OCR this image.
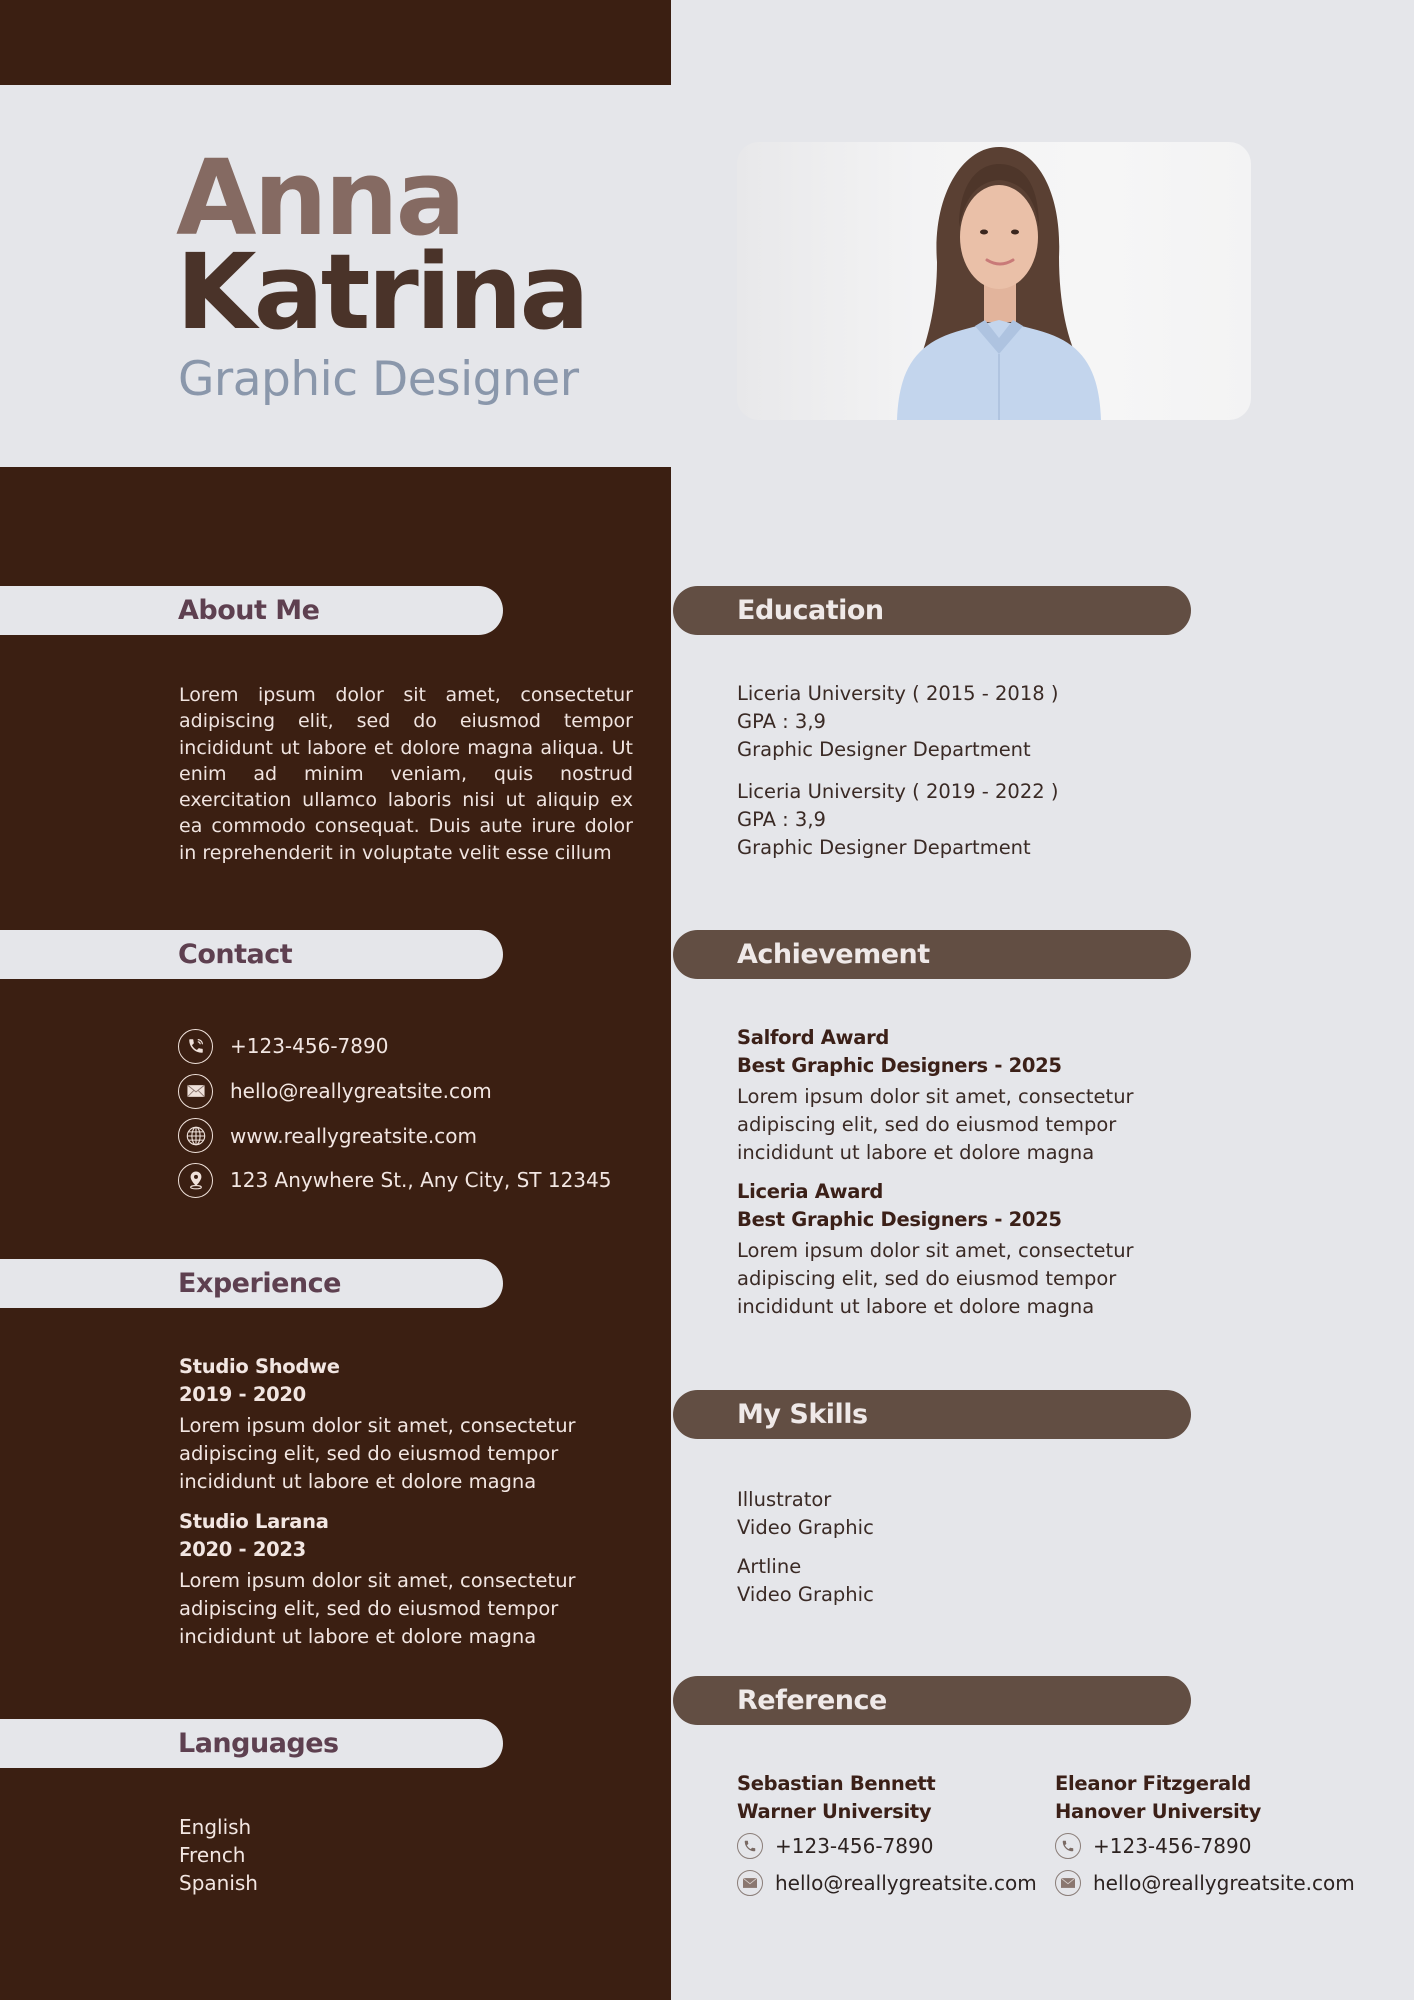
Anna
Katrina
Graphic Designer
About Me

Lorem ipsum dolor sit amet, consectetur adipiscing elit, sed do eiusmod tempor incididunt ut labore et dolore magna aliqua. Ut enim ad minim veniam, quis nostrud exercitation ullamco laboris nisi ut aliquip ex ea commodo consequat. Duis aute irure dolor in reprehenderit in voluptate velit esse cillum

Contact
+123-456-7890
hello@reallygreatsite.com
www.reallygreatsite.com
123 Anywhere St., Any City, ST 12345
Experience
Studio Shodwe
2019 - 2020
Lorem ipsum dolor sit amet, consectetur adipiscing elit, sed do eiusmod tempor incididunt ut labore et dolore magna
Studio Larana
2020 - 2023
Lorem ipsum dolor sit amet, consectetur adipiscing elit, sed do eiusmod tempor incididunt ut labore et dolore magna
Languages
English
French
Spanish
Education
Liceria University ( 2015 - 2018 )
GPA : 3,9
Graphic Designer Department
Liceria University ( 2019 - 2022 )
GPA : 3,9
Graphic Designer Department
Achievement
Salford Award
Best Graphic Designers - 2025
Lorem ipsum dolor sit amet, consectetur adipiscing elit, sed do eiusmod tempor incididunt ut labore et dolore magna
Liceria Award
Best Graphic Designers - 2025
Lorem ipsum dolor sit amet, consectetur adipiscing elit, sed do eiusmod tempor incididunt ut labore et dolore magna
My Skills
Illustrator
Video Graphic
Artline
Video Graphic
Reference
Sebastian Bennett
Warner University
+123-456-7890
hello@reallygreatsite.com
Eleanor Fitzgerald
Hanover University
+123-456-7890
hello@reallygreatsite.com
